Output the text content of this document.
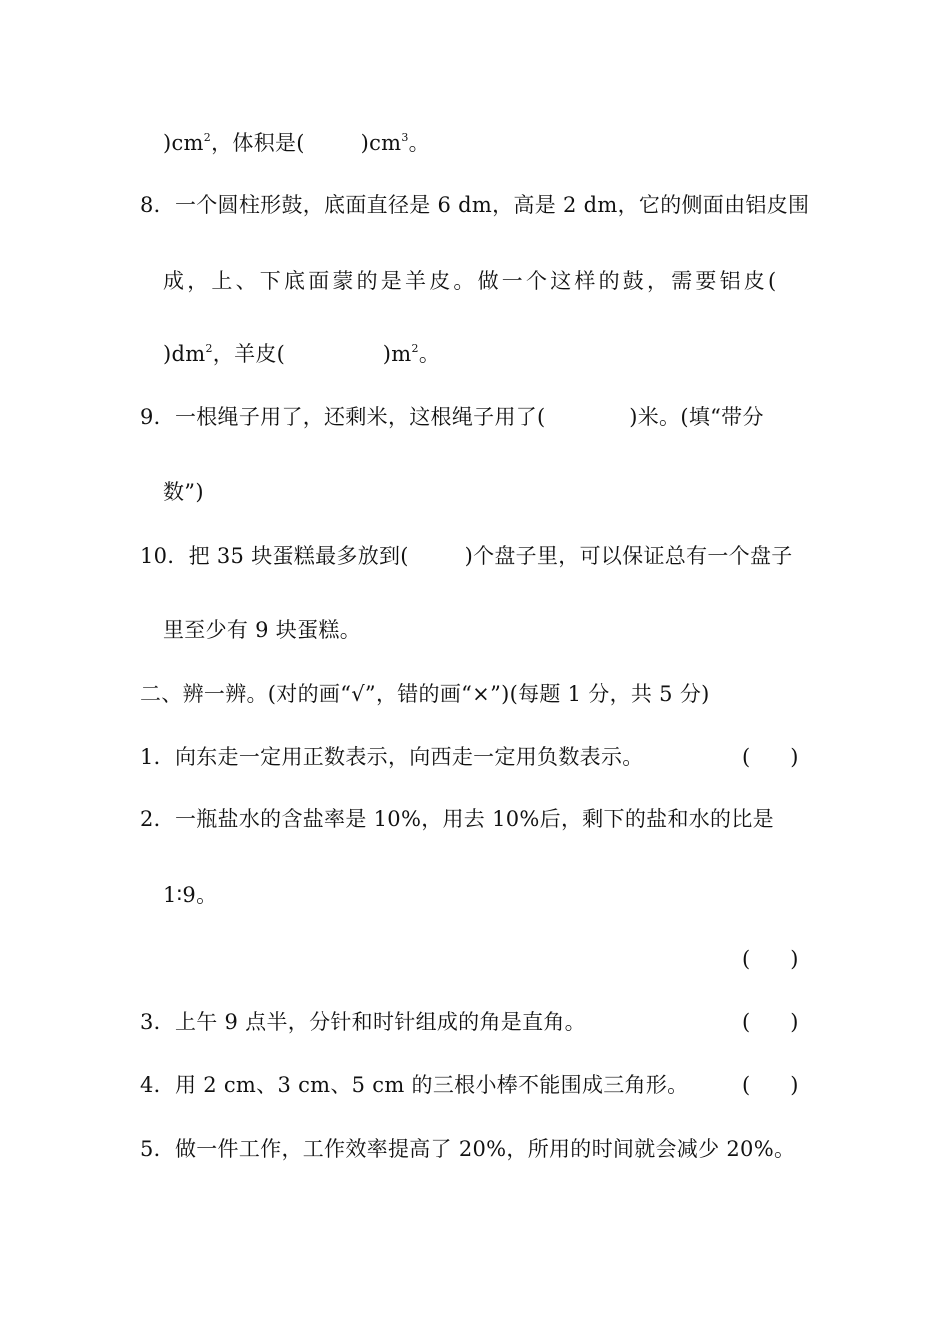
)$cm^2$，体积是(        )$cm^3$。
8．一个圆柱形鼓，底面直径是 6 dm，高是 2 dm，它的侧面由铝皮围
成，上、下底面蒙的是羊皮。做一个这样的鼓，需要铝皮(
)$dm^2$，羊皮(              )$m^2$。
9．一根绳子用了，还剩米，这根绳子用了(            )米。(填“带分
数”)
10．把 35 块蛋糕最多放到(        )个盘子里，可以保证总有一个盘子
里至少有 9 块蛋糕。
二、辨一辨。(对的画“√”，错的画“×”)(每题 1 分，共 5 分)
1．向东走一定用正数表示，向西走一定用负数表示。	(      )
2．一瓶盐水的含盐率是 10%，用去 10%后，剩下的盐和水的比是
1∶9。
(      )
3．上午 9 点半，分针和时针组成的角是直角。	(      )
4．用 2 cm、3 cm、5 cm 的三根小棒不能围成三角形。	(      )
5．做一件工作，工作效率提高了 20%，所用的时间就会减少 20%。
